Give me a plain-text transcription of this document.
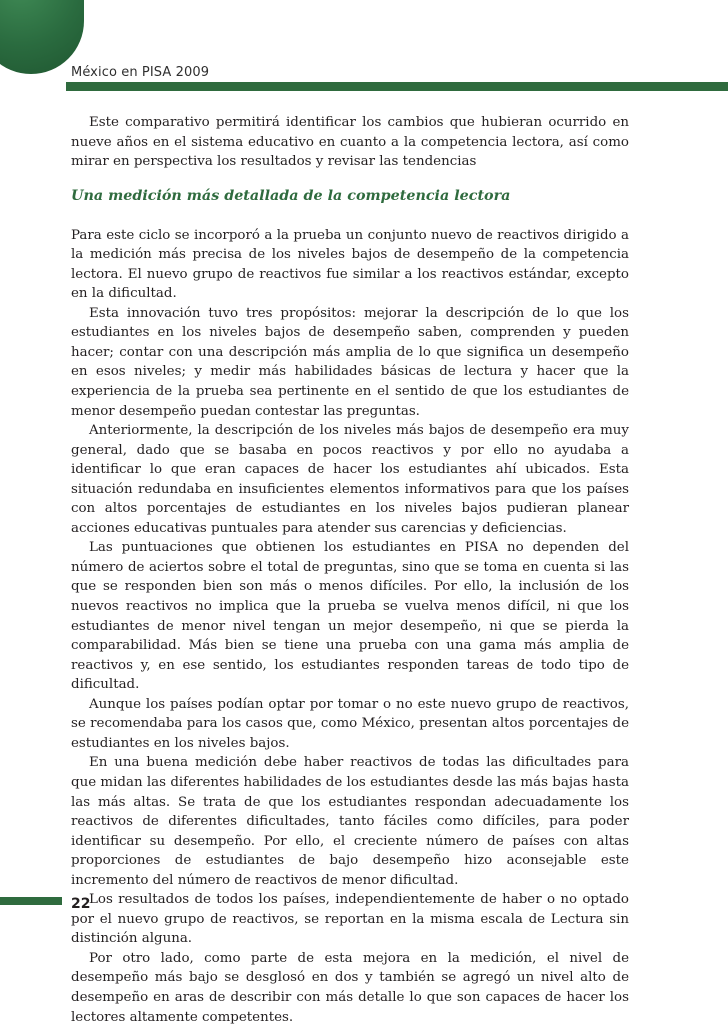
México en PISA 2009

Este comparativo permitirá identificar los cambios que hubieran ocurrido en nueve años en el sistema educativo en cuanto a la competencia lectora, así como mirar en perspectiva los resultados y revisar las tendencias

Una medición más detallada de la competencia lectora

Para este ciclo se incorporó a la prueba un conjunto nuevo de reactivos dirigido a la medición más precisa de los niveles bajos de desempeño de la competencia lectora. El nuevo grupo de reactivos fue similar a los reactivos estándar, excepto en la dificultad.

Esta innovación tuvo tres propósitos: mejorar la descripción de lo que los estudiantes en los niveles bajos de desempeño saben, comprenden y pueden hacer; contar con una descripción más amplia de lo que significa un desempeño en esos niveles; y medir más habilidades básicas de lectura y hacer que la experiencia de la prueba sea pertinente en el sentido de que los estudiantes de menor desempeño puedan contestar las preguntas.

Anteriormente, la descripción de los niveles más bajos de desempeño era muy general, dado que se basaba en pocos reactivos y por ello no ayudaba a identificar lo que eran capaces de hacer los estudiantes ahí ubicados. Esta situación redundaba en insuficientes elementos informativos para que los países con altos porcentajes de estudiantes en los niveles bajos pudieran planear acciones educativas puntuales para atender sus carencias y deficiencias.

Las puntuaciones que obtienen los estudiantes en PISA no dependen del número de aciertos sobre el total de preguntas, sino que se toma en cuenta si las que se responden bien son más o menos difíciles. Por ello, la inclusión de los nuevos reactivos no implica que la prueba se vuelva menos difícil, ni que los estudiantes de menor nivel tengan un mejor desempeño, ni que se pierda la comparabilidad. Más bien se tiene una prueba con una gama más amplia de reactivos y, en ese sentido, los estudiantes responden tareas de todo tipo de dificultad.

Aunque los países podían optar por tomar o no este nuevo grupo de reactivos, se recomendaba para los casos que, como México, presentan altos porcentajes de estudiantes en los niveles bajos.

En una buena medición debe haber reactivos de todas las dificultades para que midan las diferentes habilidades de los estudiantes desde las más bajas hasta las más altas. Se trata de que los estudiantes respondan adecuadamente los reactivos de diferentes dificultades, tanto fáciles como difíciles, para poder identificar su desempeño. Por ello, el creciente número de países con altas proporciones de estudiantes de bajo desempeño hizo aconsejable este incremento del número de reactivos de menor dificultad.

Los resultados de todos los países, independientemente de haber o no optado por el nuevo grupo de reactivos, se reportan en la misma escala de Lectura sin distinción alguna.

Por otro lado, como parte de esta mejora en la medición, el nivel de desempeño más bajo se desglosó en dos y también se agregó un nivel alto de desempeño en aras de describir con más detalle lo que son capaces de hacer los lectores altamente competentes.

22
